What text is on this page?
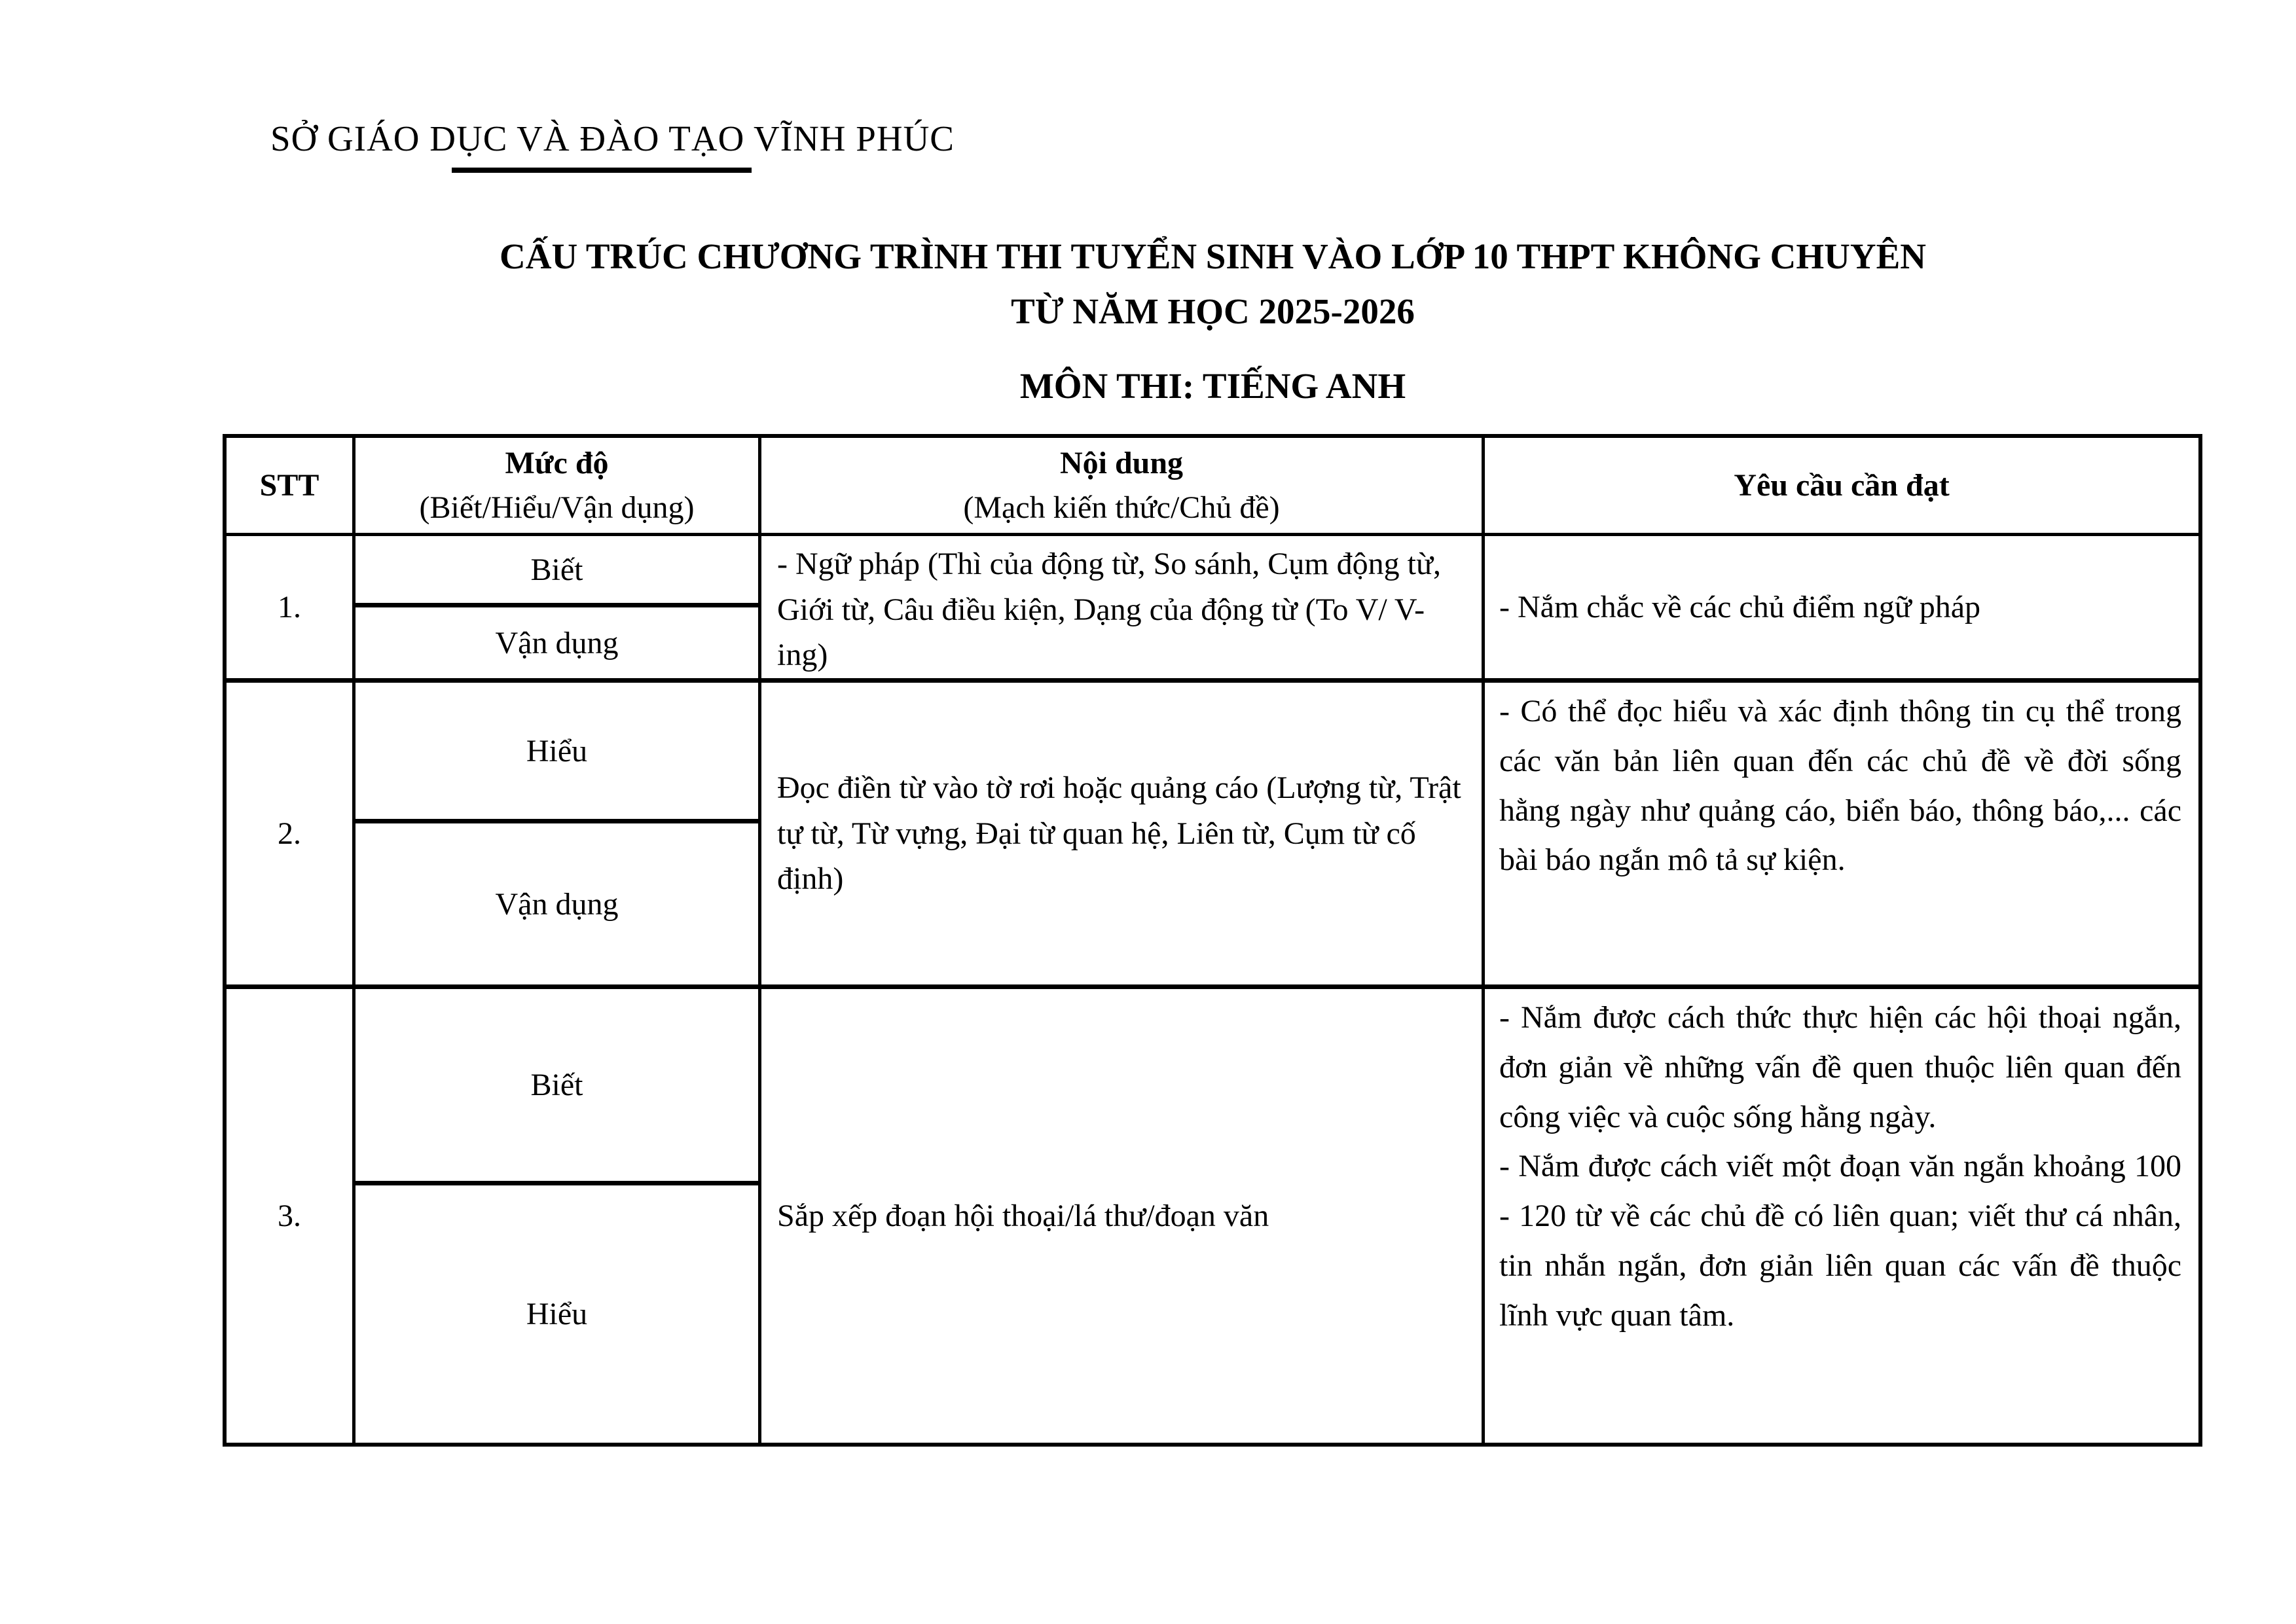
SỞ GIÁO DỤC VÀ ĐÀO TẠO VĨNH PHÚC
CẤU TRÚC CHƯƠNG TRÌNH THI TUYỂN SINH VÀO LỚP 10 THPT KHÔNG CHUYÊN
TỪ NĂM HỌC 2025-2026
MÔN THI: TIẾNG ANH
STT
Mức độ
(Biết/Hiểu/Vận dụng)
Nội dung
(Mạch kiến thức/Chủ đề)
Yêu cầu cần đạt
1.
Biết
Vận dụng
- Ngữ pháp (Thì của động từ, So sánh, Cụm động từ, Giới từ, Câu điều kiện, Dạng của động từ (To V/ V-ing)
- Nắm chắc về các chủ điểm ngữ pháp
2.
Hiểu
Vận dụng
Đọc điền từ vào tờ rơi hoặc quảng cáo (Lượng từ, Trật tự từ, Từ vựng, Đại từ quan hệ, Liên từ, Cụm từ cố định)
- Có thể đọc hiểu và xác định thông tin cụ thể trong các văn bản liên quan đến các chủ đề về đời sống hằng ngày như quảng cáo, biển báo, thông báo,... các bài báo ngắn mô tả sự kiện.
3.
Biết
Hiểu
Sắp xếp đoạn hội thoại/lá thư/đoạn văn

- Nắm được cách thức thực hiện các hội thoại ngắn, đơn giản về những vấn đề quen thuộc liên quan đến công việc và cuộc sống hằng ngày.

- Nắm được cách viết một đoạn văn ngắn khoảng 100 - 120 từ về các chủ đề có liên quan; viết thư cá nhân, tin nhắn ngắn, đơn giản liên quan các vấn đề thuộc lĩnh vực quan tâm.
